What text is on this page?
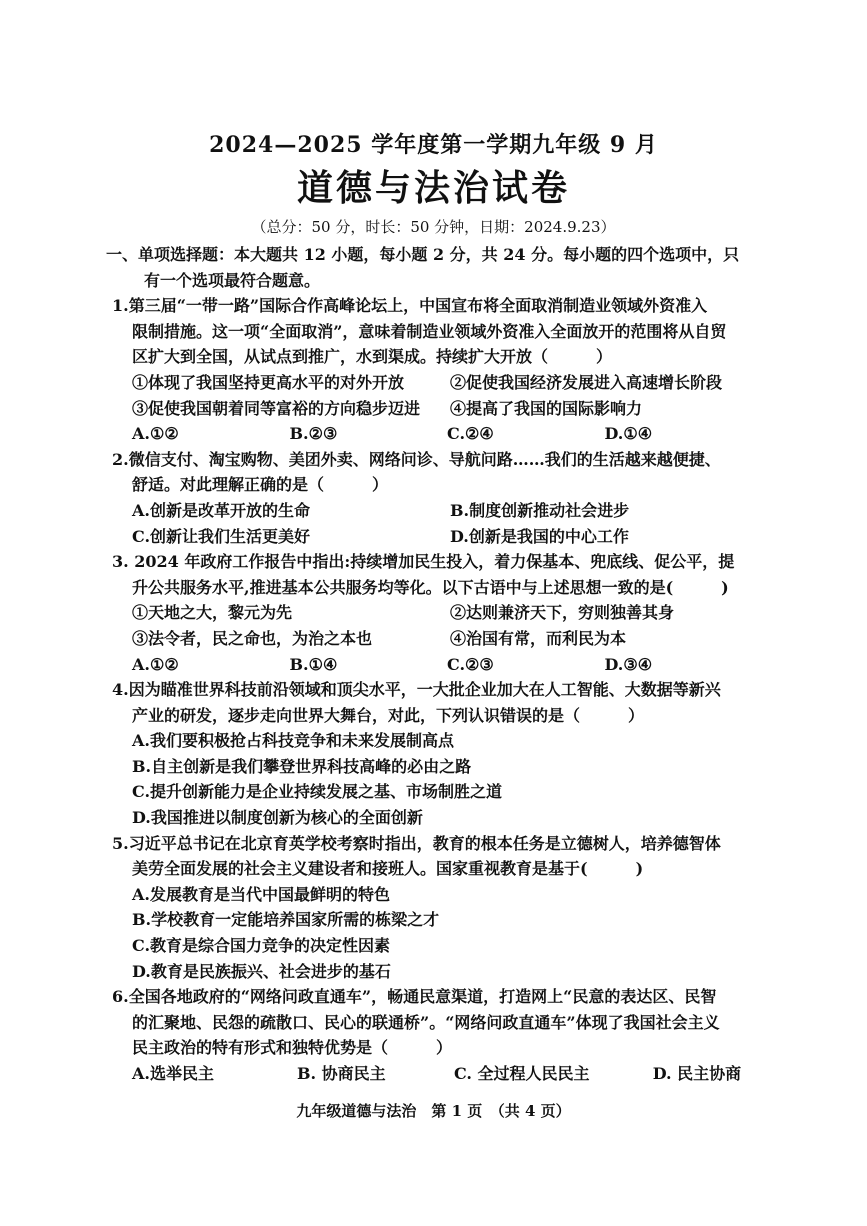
2024—2025 学年度第一学期九年级 9 月
道德与法治试卷
（总分：50 分，时长：50 分钟，日期：2024.9.23）
一、单项选择题：本大题共 12 小题，每小题 2 分，共 24 分。每小题的四个选项中，只
有一个选项最符合题意。
1.第三届“一带一路”国际合作高峰论坛上，中国宣布将全面取消制造业领域外资准入
限制措施。这一项“全面取消”，意味着制造业领域外资准入全面放开的范围将从自贸
区扩大到全国，从试点到推广，水到渠成。持续扩大开放（　　　）
①体现了我国坚持更高水平的对外开放	②促使我国经济发展进入高速增长阶段
③促使我国朝着同等富裕的方向稳步迈进	④提高了我国的国际影响力
A.①②	B.②③	C.②④	D.①④
2.微信支付、淘宝购物、美团外卖、网络问诊、导航问路……我们的生活越来越便捷、
舒适。对此理解正确的是（　　　）
A.创新是改革开放的生命	B.制度创新推动社会进步
C.创新让我们生活更美好	D.创新是我国的中心工作
3. 2024 年政府工作报告中指出:持续增加民生投入，着力保基本、兜底线、促公平，提
升公共服务水平,推进基本公共服务均等化。以下古语中与上述思想一致的是(　　　)
①天地之大，黎元为先	②达则兼济天下，穷则独善其身
③法令者，民之命也，为治之本也	④治国有常，而利民为本
A.①②	B.①④	C.②③	D.③④
4.因为瞄准世界科技前沿领域和顶尖水平，一大批企业加大在人工智能、大数据等新兴
产业的研发，逐步走向世界大舞台，对此，下列认识错误的是（　　　）
A.我们要积极抢占科技竞争和未来发展制高点
B.自主创新是我们攀登世界科技高峰的必由之路
C.提升创新能力是企业持续发展之基、市场制胜之道
D.我国推进以制度创新为核心的全面创新
5.习近平总书记在北京育英学校考察时指出，教育的根本任务是立德树人，培养德智体
美劳全面发展的社会主义建设者和接班人。国家重视教育是基于(　　　)
A.发展教育是当代中国最鲜明的特色
B.学校教育一定能培养国家所需的栋梁之才
C.教育是综合国力竞争的决定性因素
D.教育是民族振兴、社会进步的基石
6.全国各地政府的“网络问政直通车”，畅通民意渠道，打造网上“民意的表达区、民智
的汇聚地、民怨的疏散口、民心的联通桥”。“网络问政直通车”体现了我国社会主义
民主政治的特有形式和独特优势是（　　　）
A.选举民主	B. 协商民主	C. 全过程人民民主	D. 民主协商
九年级道德与法治　第 1 页　（共 4 页）
